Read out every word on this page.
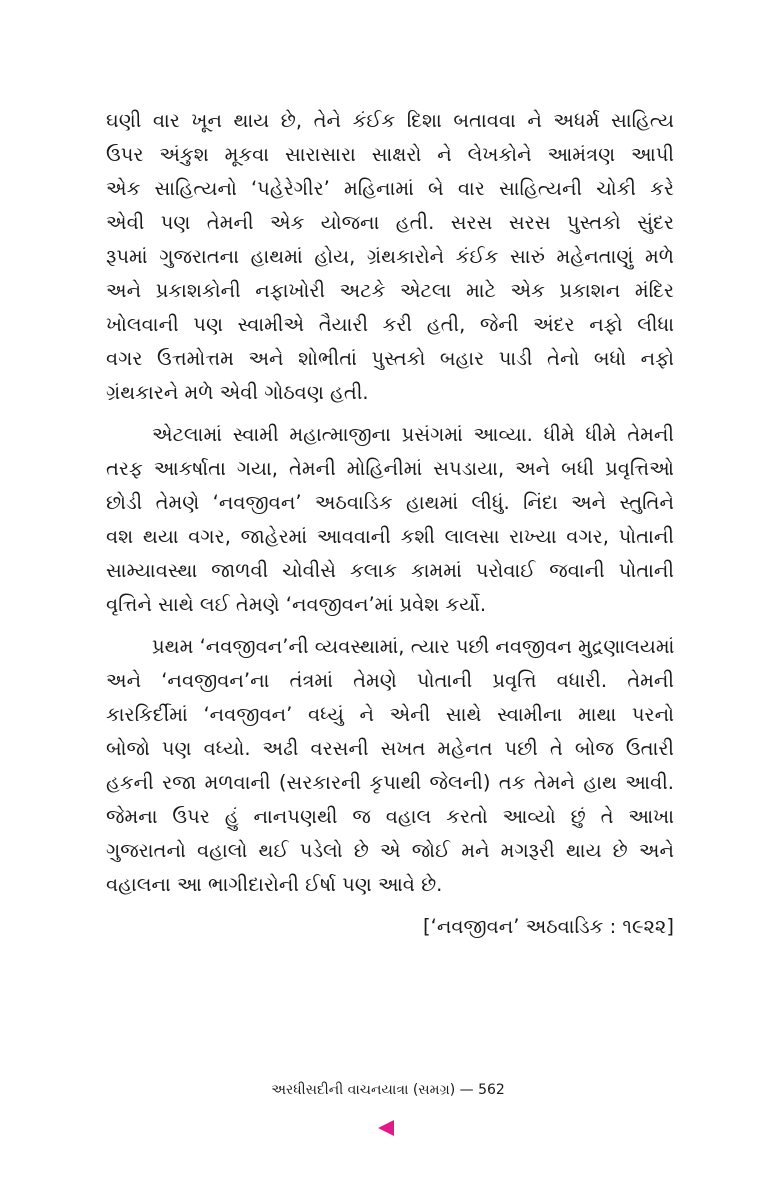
ઘણી વાર ખૂન થાય છે, તેને કંઈક દિશા બતાવવા ને અધર્મ સાહિત્ય
ઉપર અંકુશ મૂકવા સારાસારા સાક્ષરો ને લેખકોને આમંત્રણ આપી
એક સાહિત્યનો ‘પહેરેગીર’ મહિનામાં બે વાર સાહિત્યની ચોકી કરે
એવી પણ તેમની એક યોજના હતી. સરસ સરસ પુસ્તકો સુંદર
રૂપમાં ગુજરાતના હાથમાં હોય, ગ્રંથકારોને કંઈક સારું મહેનતાણું મળે
અને પ્રકાશકોની નફાખોરી અટકે એટલા માટે એક પ્રકાશન મંદિર
ખોલવાની પણ સ્વામીએ તૈયારી કરી હતી, જેની અંદર નફો લીધા
વગર ઉત્તમોત્તમ અને શોભીતાં પુસ્તકો બહાર પાડી તેનો બધો નફો
ગ્રંથકારને મળે એવી ગોઠવણ હતી.
એટલામાં સ્વામી મહાત્માજીના પ્રસંગમાં આવ્યા. ધીમે ધીમે તેમની
તરફ આકર્ષાતા ગયા, તેમની મોહિનીમાં સપડાયા, અને બધી પ્રવૃત્તિઓ
છોડી તેમણે ‘નવજીવન’ અઠવાડિક હાથમાં લીધું. નિંદા અને સ્તુતિને
વશ થયા વગર, જાહેરમાં આવવાની કશી લાલસા રાખ્યા વગર, પોતાની
સામ્યાવસ્થા જાળવી ચોવીસે કલાક કામમાં પરોવાઈ જવાની પોતાની
વૃત્તિને સાથે લઈ તેમણે ‘નવજીવન’માં પ્રવેશ કર્યો.
પ્રથમ ‘નવજીવન’ની વ્યવસ્થામાં, ત્યાર પછી નવજીવન મુદ્રણાલયમાં
અને ‘નવજીવન’ના તંત્રમાં તેમણે પોતાની પ્રવૃત્તિ વધારી. તેમની
કારકિર્દીમાં ‘નવજીવન’ વધ્યું ને એની સાથે સ્વામીના માથા પરનો
બોજો પણ વધ્યો. અઢી વરસની સખત મહેનત પછી તે બોજ ઉતારી
હકની રજા મળવાની (સરકારની કૃપાથી જેલની) તક તેમને હાથ આવી.
જેમના ઉપર હું નાનપણથી જ વહાલ કરતો આવ્યો છું તે આખા
ગુજરાતનો વહાલો થઈ પડેલો છે એ જોઈ મને મગરૂરી થાય છે અને
વહાલના આ ભાગીદારોની ઈર્ષા પણ આવે છે.
[‘નવજીવન’ અઠવાડિક : ૧૯૨૨]
અરધીસદીની વાચનયાત્રા (સમગ્ર) — 562
